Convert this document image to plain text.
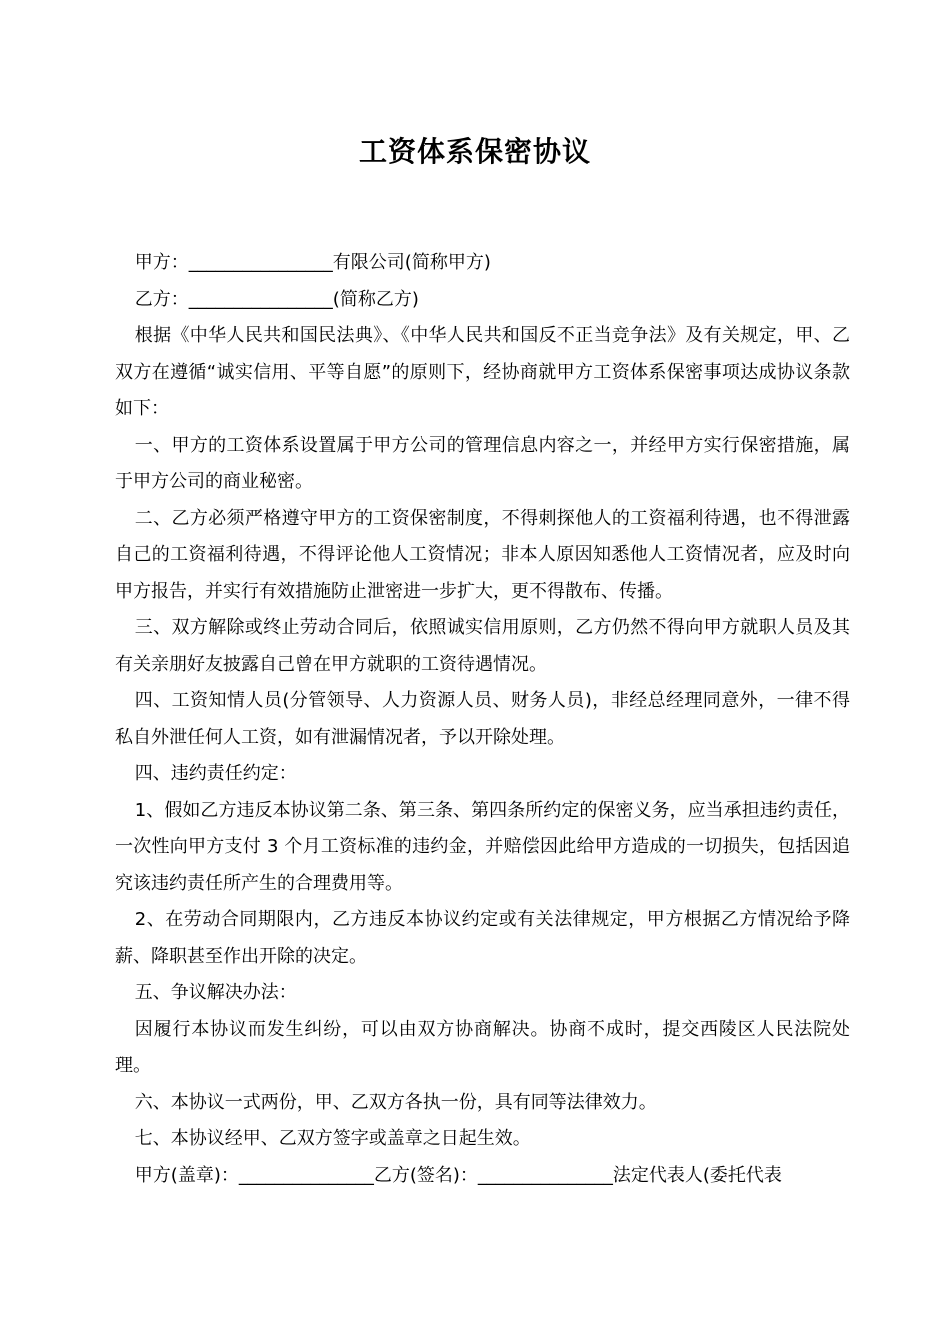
工资体系保密协议

甲方：________________有限公司(简称甲方)

乙方：________________(简称乙方)

根据《中华人民共和国民法典》、《中华人民共和国反不正当竞争法》及有关规定，甲、乙双方在遵循“诚实信用、平等自愿”的原则下，经协商就甲方工资体系保密事项达成协议条款如下：

一、甲方的工资体系设置属于甲方公司的管理信息内容之一，并经甲方实行保密措施，属于甲方公司的商业秘密。

二、乙方必须严格遵守甲方的工资保密制度，不得刺探他人的工资福利待遇，也不得泄露自己的工资福利待遇，不得评论他人工资情况；非本人原因知悉他人工资情况者，应及时向甲方报告，并实行有效措施防止泄密进一步扩大，更不得散布、传播。

三、双方解除或终止劳动合同后，依照诚实信用原则，乙方仍然不得向甲方就职人员及其有关亲朋好友披露自己曾在甲方就职的工资待遇情况。

四、工资知情人员(分管领导、人力资源人员、财务人员)，非经总经理同意外，一律不得私自外泄任何人工资，如有泄漏情况者，予以开除处理。

四、违约责任约定：

1、假如乙方违反本协议第二条、第三条、第四条所约定的保密义务，应当承担违约责任，一次性向甲方支付 3 个月工资标准的违约金，并赔偿因此给甲方造成的一切损失，包括因追究该违约责任所产生的合理费用等。

2、在劳动合同期限内，乙方违反本协议约定或有关法律规定，甲方根据乙方情况给予降薪、降职甚至作出开除的决定。

五、争议解决办法：

因履行本协议而发生纠纷，可以由双方协商解决。协商不成时，提交西陵区人民法院处理。

六、本协议一式两份，甲、乙双方各执一份，具有同等法律效力。

七、本协议经甲、乙双方签字或盖章之日起生效。

甲方(盖章)：_______________乙方(签名)：_______________法定代表人(委托代表
